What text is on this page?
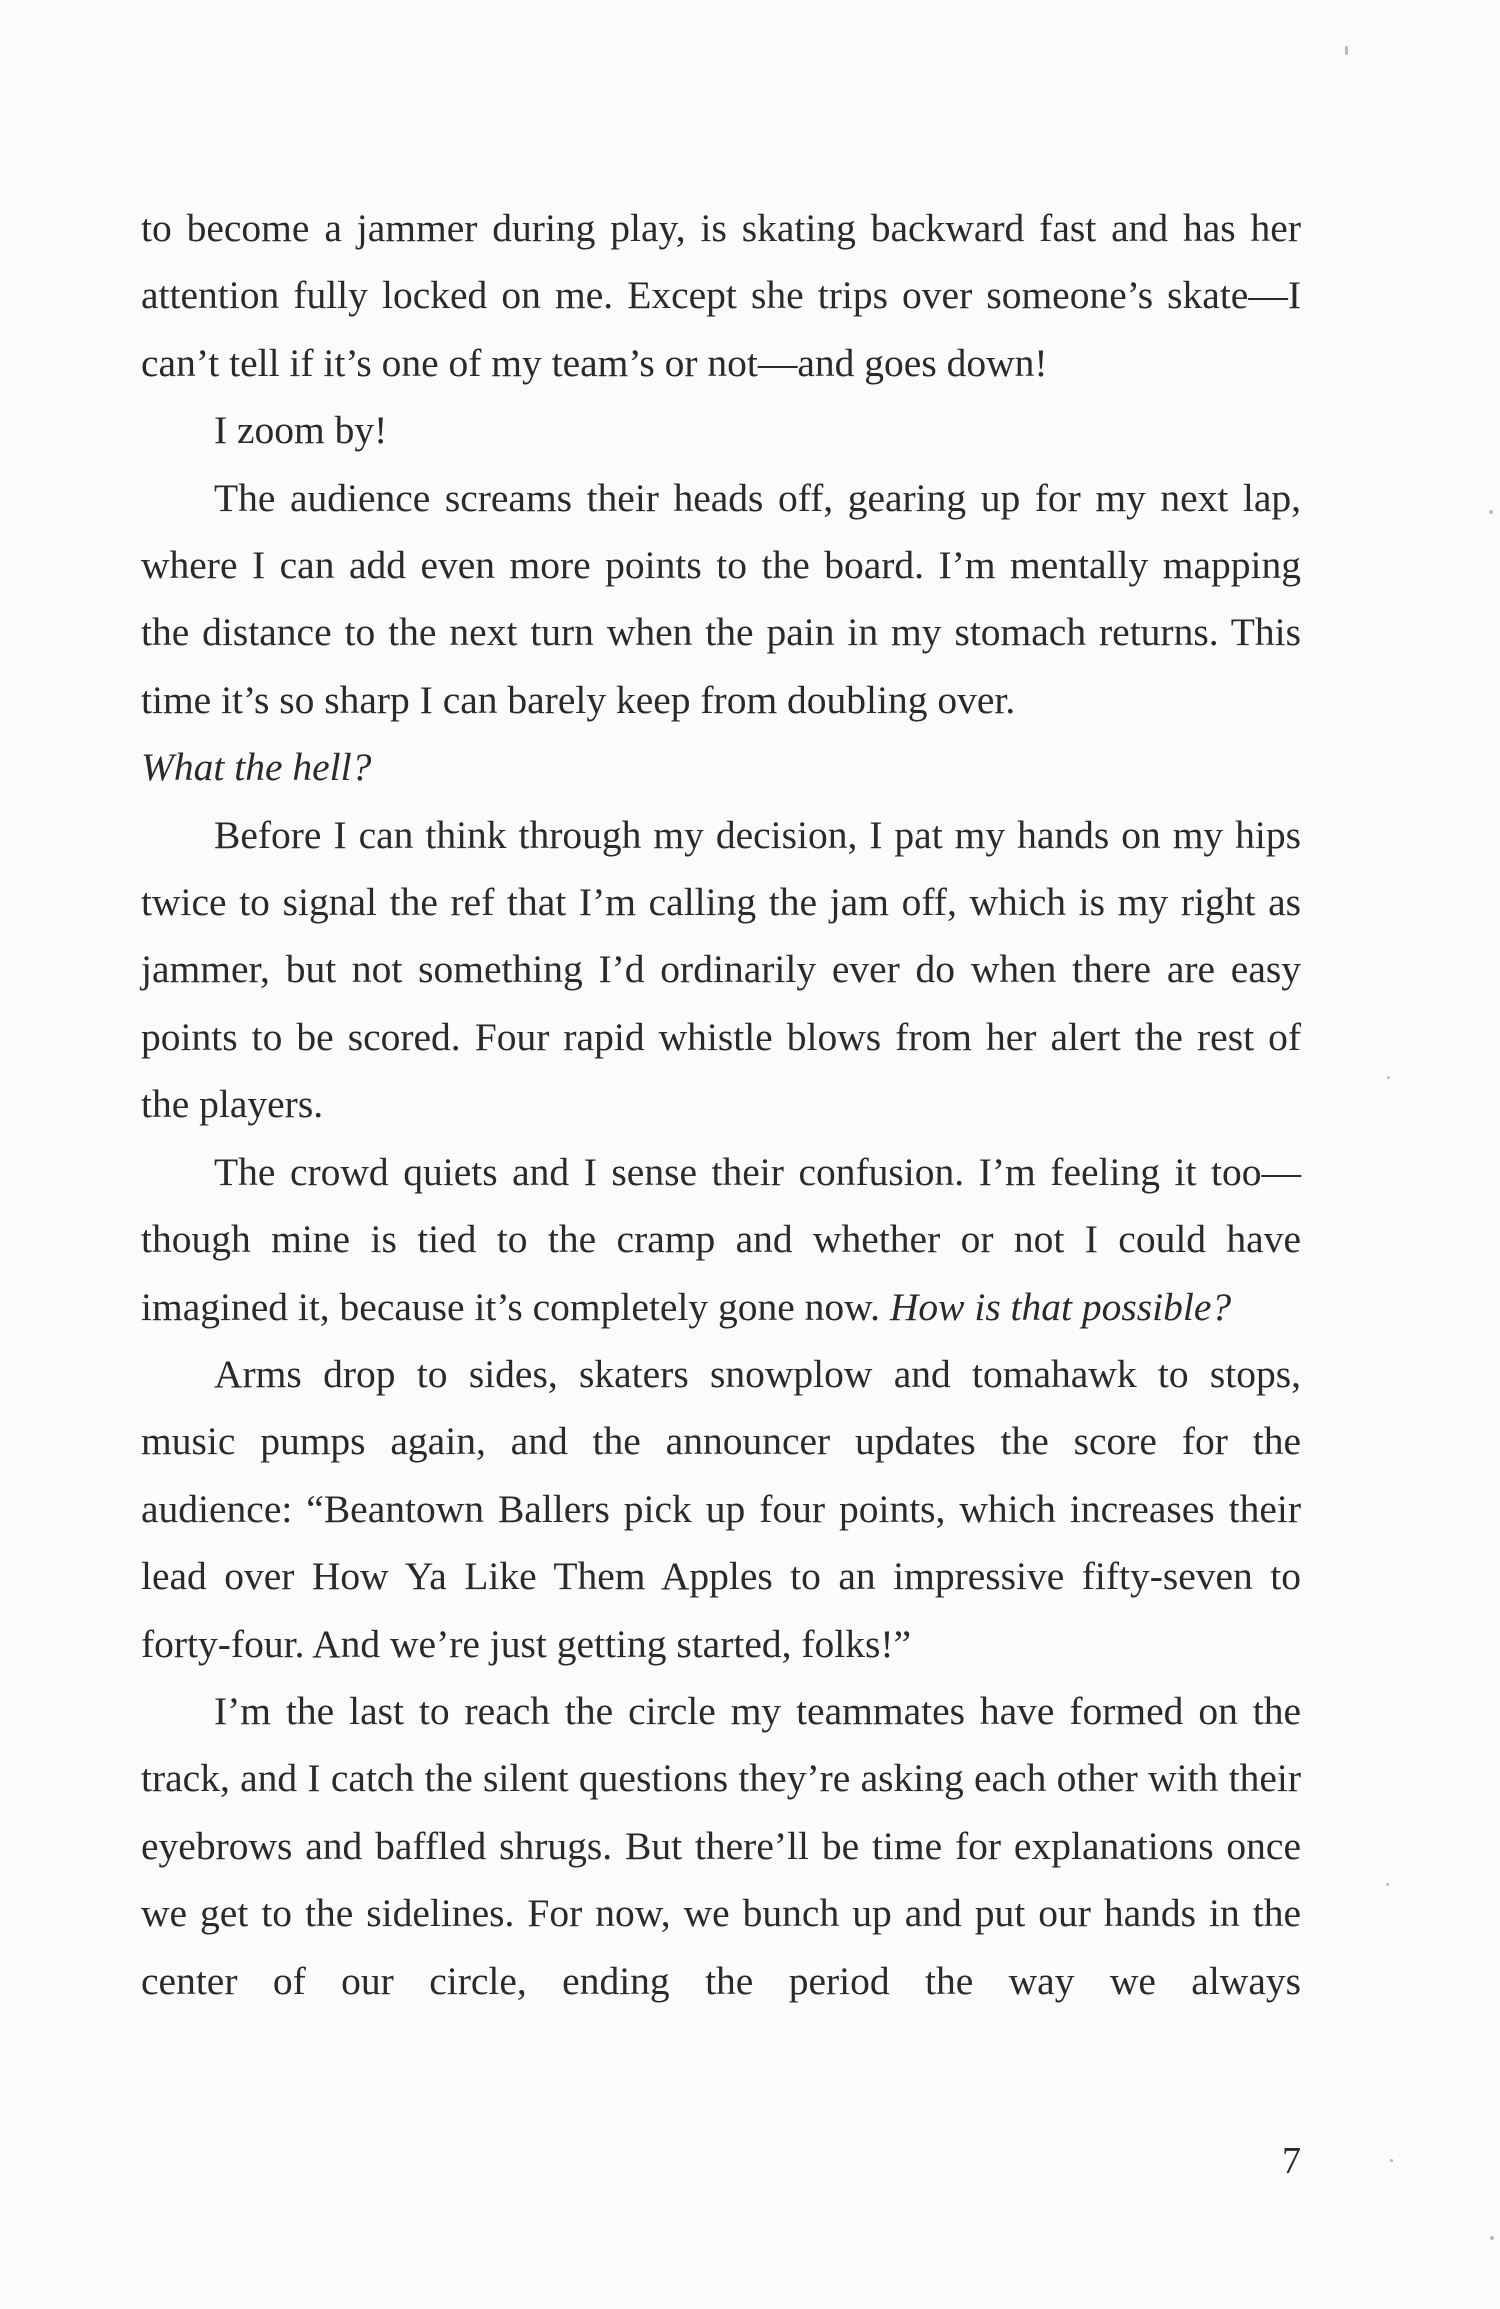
to become a jammer during play, is skating backward fast and has her attention fully locked on me. Except she trips over someone’s skate—I can’t tell if it’s one of my team’s or not—and goes down!

I zoom by!

The audience screams their heads off, gearing up for my next lap, where I can add even more points to the board. I’m mentally mapping the distance to the next turn when the pain in my stomach returns. This time it’s so sharp I can barely keep from doubling over.

What the hell?

Before I can think through my decision, I pat my hands on my hips twice to signal the ref that I’m calling the jam off, which is my right as jammer, but not something I’d ordinarily ever do when there are easy points to be scored. Four rapid whistle blows from her alert the rest of the players.

The crowd quiets and I sense their confusion. I’m feeling it too—though mine is tied to the cramp and whether or not I could have imagined it, because it’s completely gone now. How is that possible?

Arms drop to sides, skaters snowplow and tomahawk to stops, music pumps again, and the announcer updates the score for the audience: “Beantown Ballers pick up four points, which increases their lead over How Ya Like Them Apples to an impressive fifty-seven to forty-four. And we’re just getting started, folks!”

I’m the last to reach the circle my teammates have formed on the track, and I catch the silent questions they’re asking each other with their eyebrows and baffled shrugs. But there’ll be time for explanations once we get to the sidelines. For now, we bunch up and put our hands in the center of our circle, ending the period the way we always

7
